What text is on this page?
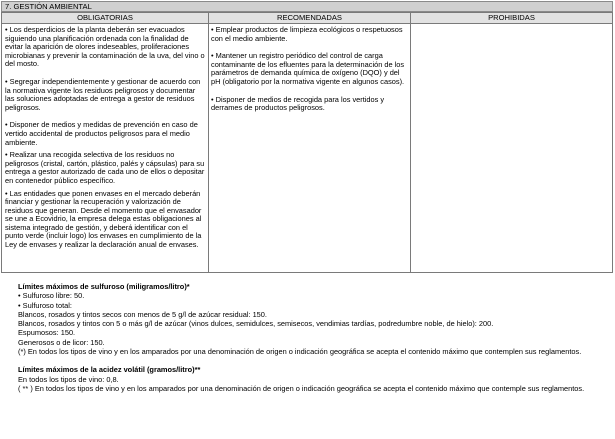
7. GESTIÓN AMBIENTAL
OBLIGATORIAS	RECOMENDADAS	PROHIBIDAS
• Los desperdicios de la planta deberán ser evacuados siguiendo una planificación ordenada con la finalidad de evitar la aparición de olores indeseables, proliferaciones microbianas y prevenir la contaminación de la uva, del vino o del mosto.
• Segregar independientemente y gestionar de acuerdo con la normativa vigente los residuos peligrosos y documentar las soluciones adoptadas de entrega a gestor de residuos peligrosos.
• Disponer de medios y medidas de prevención en caso de vertido accidental de productos peligrosos para el medio ambiente.
• Realizar una recogida selectiva de los residuos no peligrosos (cristal, cartón, plástico, palés y cápsulas) para su entrega a gestor autorizado de cada uno de ellos o depositar en contenedor público específico.
• Las entidades que ponen envases en el mercado deberán financiar y gestionar la recuperación y valorización de residuos que generan. Desde el momento que el envasador se une a Ecovidrio, la empresa delega estas obligaciones al sistema integrado de gestión, y deberá identificar con el punto verde (incluir logo) los envases en cumplimiento de la Ley de envases y realizar la declaración anual de envases.
• Emplear productos de limpieza ecológicos o respetuosos con el medio ambiente.
• Mantener un registro periódico del control de carga contaminante de los efluentes para la determinación de los parámetros de demanda química de oxígeno (DQO) y del pH (obligatorio por la normativa vigente en algunos casos).
• Disponer de medios de recogida para los vertidos y derrames de productos peligrosos.
Límites máximos de sulfuroso (miligramos/litro)*
• Sulfuroso libre: 50.
• Sulfuroso total:
Blancos, rosados y tintos secos con menos de 5 g/l de azúcar residual: 150.
Blancos, rosados y tintos con 5 o más g/l de azúcar (vinos dulces, semidulces, semisecos, vendimias tardías, podredumbre noble, de hielo): 200.
Espumosos: 150.
Generosos o de licor: 150.
(*) En todos los tipos de vino y en los amparados por una denominación de origen o indicación geográfica se acepta el contenido máximo que contemplen sus reglamentos.
Límites máximos de la acidez volátil (gramos/litro)**
En todos los tipos de vino: 0,8.
( ** ) En todos los tipos de vino y en los amparados por una denominación de origen o indicación geográfica se acepta el contenido máximo que contemple sus reglamentos.
